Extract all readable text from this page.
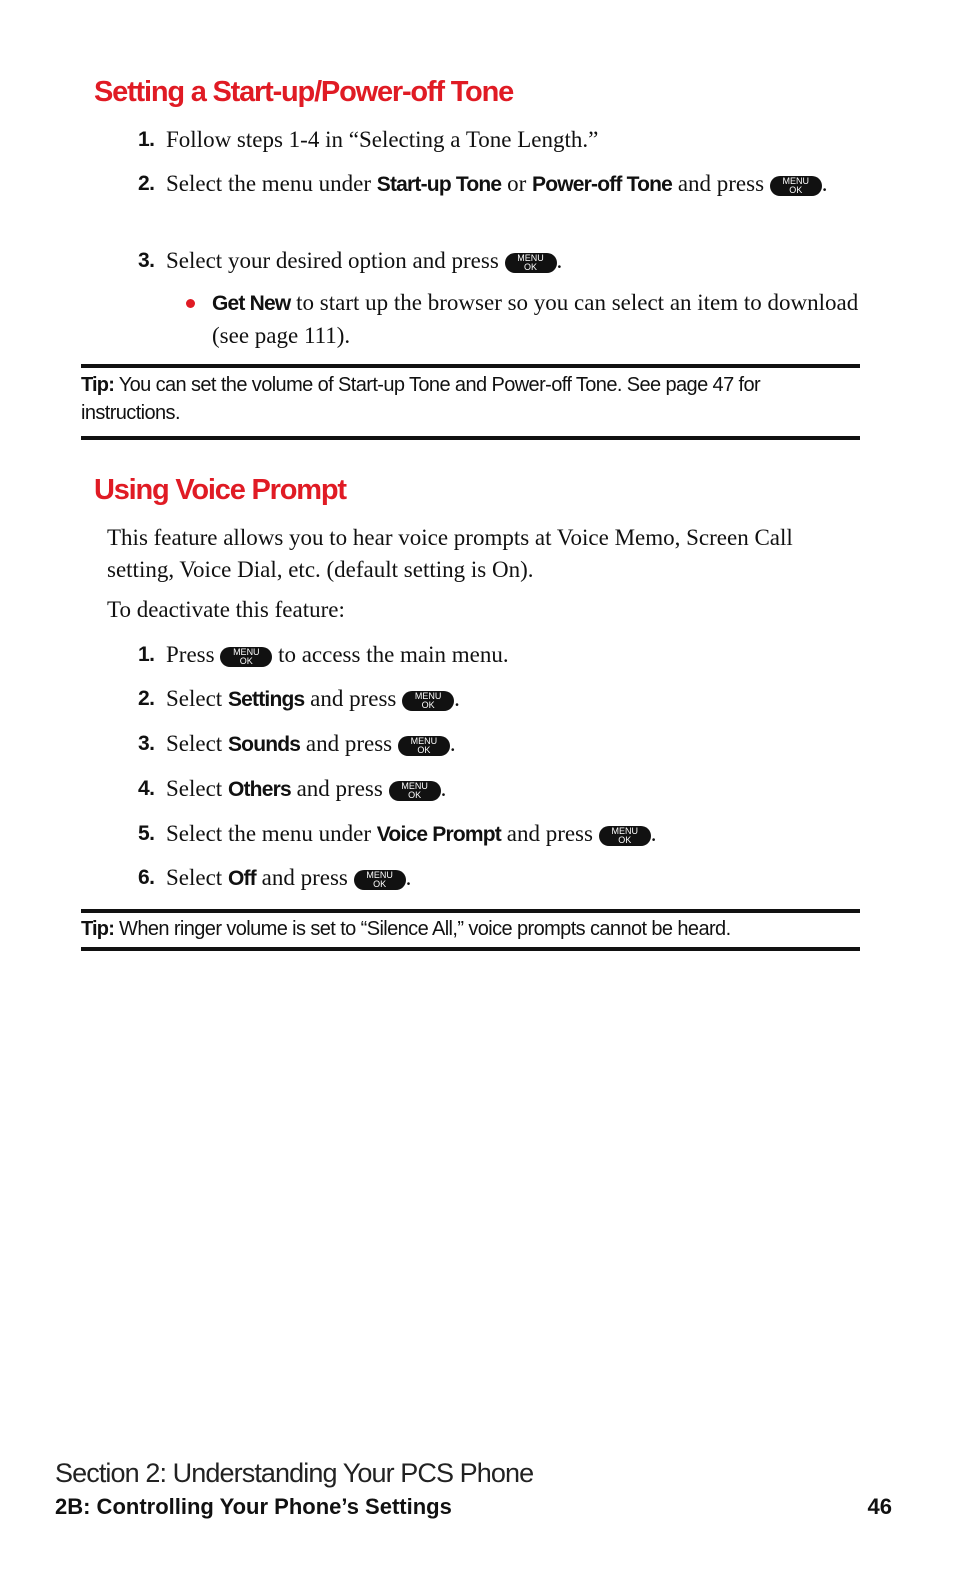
Setting a Start-up/Power-off Tone
1. Follow steps 1-4 in “Selecting a Tone Length.”
2. Select the menu under Start-up Tone or Power-off Tone and press	MENU
OK .
3. Select your desired option and press	MENU
OK .
Get New to start up the browser so you can select an item to download (see page 111).
Tip: You can set the volume of Start-up Tone and Power-off Tone. See page 47 for instructions.
Using Voice Prompt

This feature allows you to hear voice prompts at Voice Memo, Screen Call setting, Voice Dial, etc. (default setting is On).

To deactivate this feature:

1. Press	MENU
OK to access the main menu.
2. Select Settings and press	MENU
OK .
3. Select Sounds and press	MENU
OK .
4. Select Others and press	MENU
OK .
5. Select the menu under Voice Prompt and press	MENU
OK .
6. Select Off and press	MENU
OK .
Tip: When ringer volume is set to “Silence All,” voice prompts cannot be heard.
Section 2: Understanding Your PCS Phone
2B: Controlling Your Phone’s Settings	46
